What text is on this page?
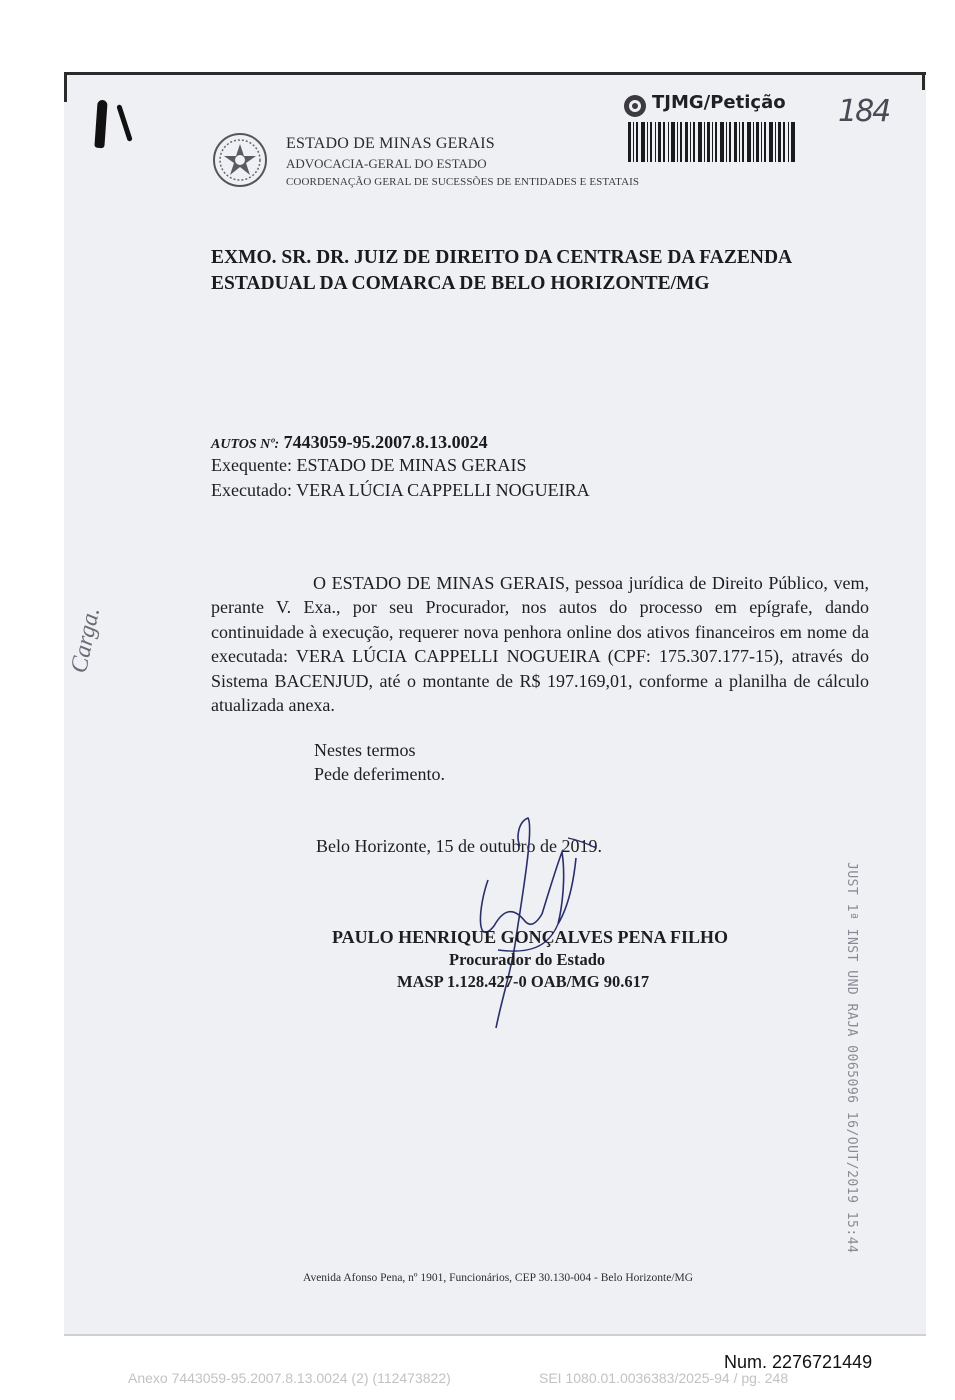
ESTADO DE MINAS GERAIS
ADVOCACIA-GERAL DO ESTADO
COORDENAÇÃO GERAL DE SUCESSÕES DE ENTIDADES E ESTATAIS
TJMG/Petição 184
EXMO. SR. DR. JUIZ DE DIREITO DA CENTRASE DA FAZENDA ESTADUAL DA COMARCA DE BELO HORIZONTE/MG
AUTOS Nº: 7443059-95.2007.8.13.0024
Exequente: ESTADO DE MINAS GERAIS
Executado: VERA LÚCIA CAPPELLI NOGUEIRA
O ESTADO DE MINAS GERAIS, pessoa jurídica de Direito Público, vem, perante V. Exa., por seu Procurador, nos autos do processo em epígrafe, dando continuidade à execução, requerer nova penhora online dos ativos financeiros em nome da executada: VERA LÚCIA CAPPELLI NOGUEIRA (CPF: 175.307.177-15), através do Sistema BACENJUD, até o montante de R$ 197.169,01, conforme a planilha de cálculo atualizada anexa.
Nestes termos
Pede deferimento.
Belo Horizonte, 15 de outubro de 2019.
PAULO HENRIQUE GONÇALVES PENA FILHO
Procurador do Estado
MASP 1.128.427-0 OAB/MG 90.617
Carga.
JUST 1ª INST UND RAJA 0065096 16/OUT/2019 15:44
Avenida Afonso Pena, nº 1901, Funcionários, CEP 30.130-004 - Belo Horizonte/MG
Num. 2276721449
Anexo 7443059-95.2007.8.13.0024 (2) (112473822)	SEI 1080.01.0036383/2025-94 / pg. 248
